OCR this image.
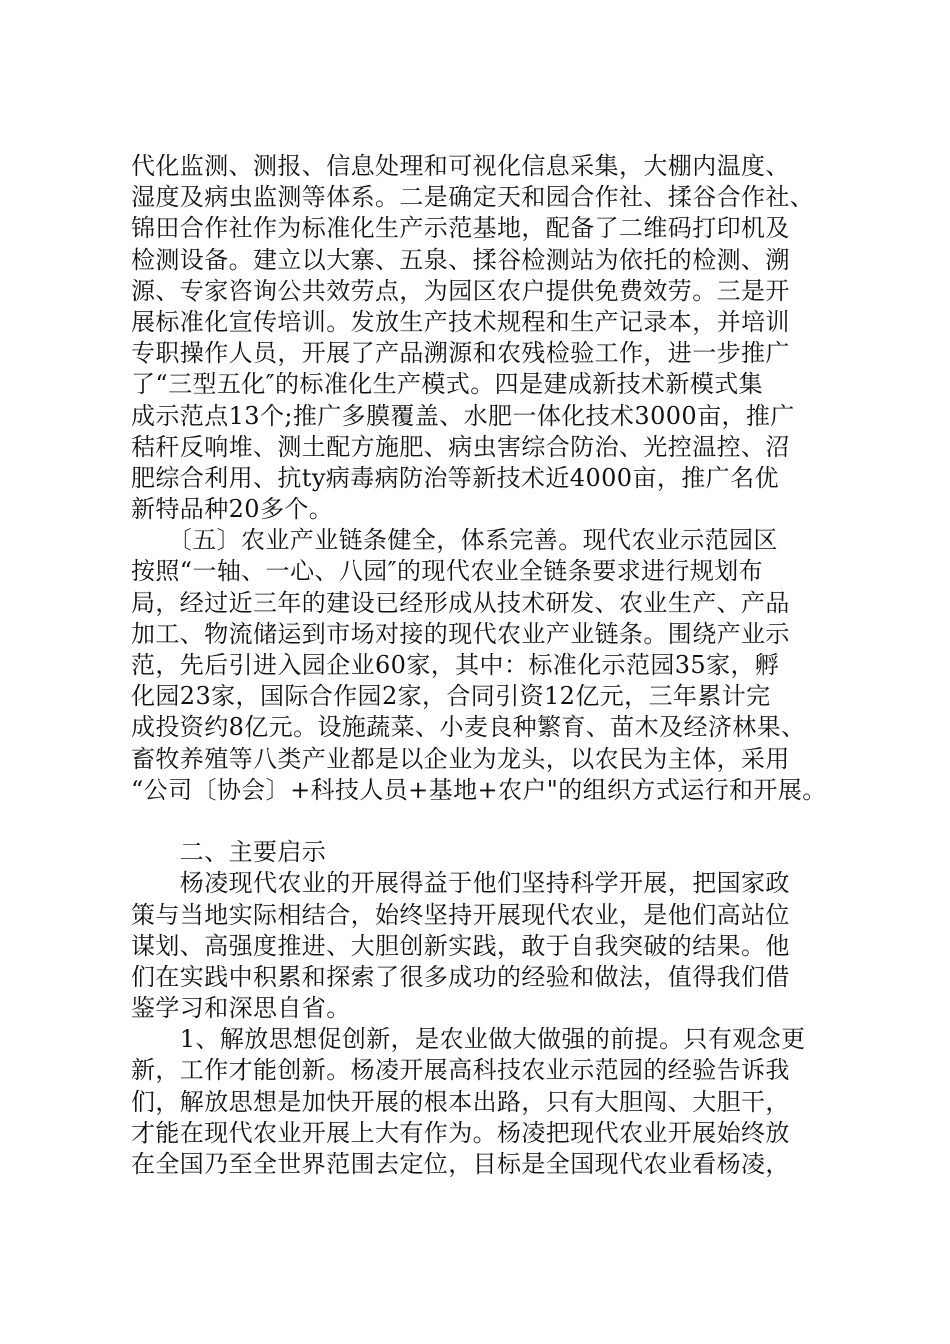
代化监测、测报、信息处理和可视化信息采集，大棚内温度、
湿度及病虫监测等体系。二是确定天和园合作社、揉谷合作社、
锦田合作社作为标准化生产示范基地，配备了二维码打印机及
检测设备。建立以大寨、五泉、揉谷检测站为依托的检测、溯
源、专家咨询公共效劳点，为园区农户提供免费效劳。三是开
展标准化宣传培训。发放生产技术规程和生产记录本，并培训
专职操作人员，开展了产品溯源和农残检验工作，进一步推广
了“三型五化″的标准化生产模式。四是建成新技术新模式集
成示范点13个;推广多膜覆盖、水肥一体化技术3000亩，推广
秸秆反响堆、测土配方施肥、病虫害综合防治、光控温控、沼
肥综合利用、抗ty病毒病防治等新技术近4000亩，推广名优
新特品种20多个。
　　〔五〕农业产业链条健全，体系完善。现代农业示范园区
按照“一轴、一心、八园″的现代农业全链条要求进行规划布
局，经过近三年的建设已经形成从技术研发、农业生产、产品
加工、物流储运到市场对接的现代农业产业链条。围绕产业示
范，先后引进入园企业60家，其中：标准化示范园35家，孵
化园23家，国际合作园2家，合同引资12亿元，三年累计完
成投资约8亿元。设施蔬菜、小麦良种繁育、苗木及经济林果、
畜牧养殖等八类产业都是以企业为龙头，以农民为主体，采用
“公司〔协会〕+科技人员+基地+农户"的组织方式运行和开展。
　　二、主要启示
　　杨凌现代农业的开展得益于他们坚持科学开展，把国家政
策与当地实际相结合，始终坚持开展现代农业，是他们高站位
谋划、高强度推进、大胆创新实践，敢于自我突破的结果。他
们在实践中积累和探索了很多成功的经验和做法，值得我们借
鉴学习和深思自省。
　　1、解放思想促创新，是农业做大做强的前提。只有观念更
新，工作才能创新。杨凌开展高科技农业示范园的经验告诉我
们，解放思想是加快开展的根本出路，只有大胆闯、大胆干，
才能在现代农业开展上大有作为。杨凌把现代农业开展始终放
在全国乃至全世界范围去定位，目标是全国现代农业看杨凌，
